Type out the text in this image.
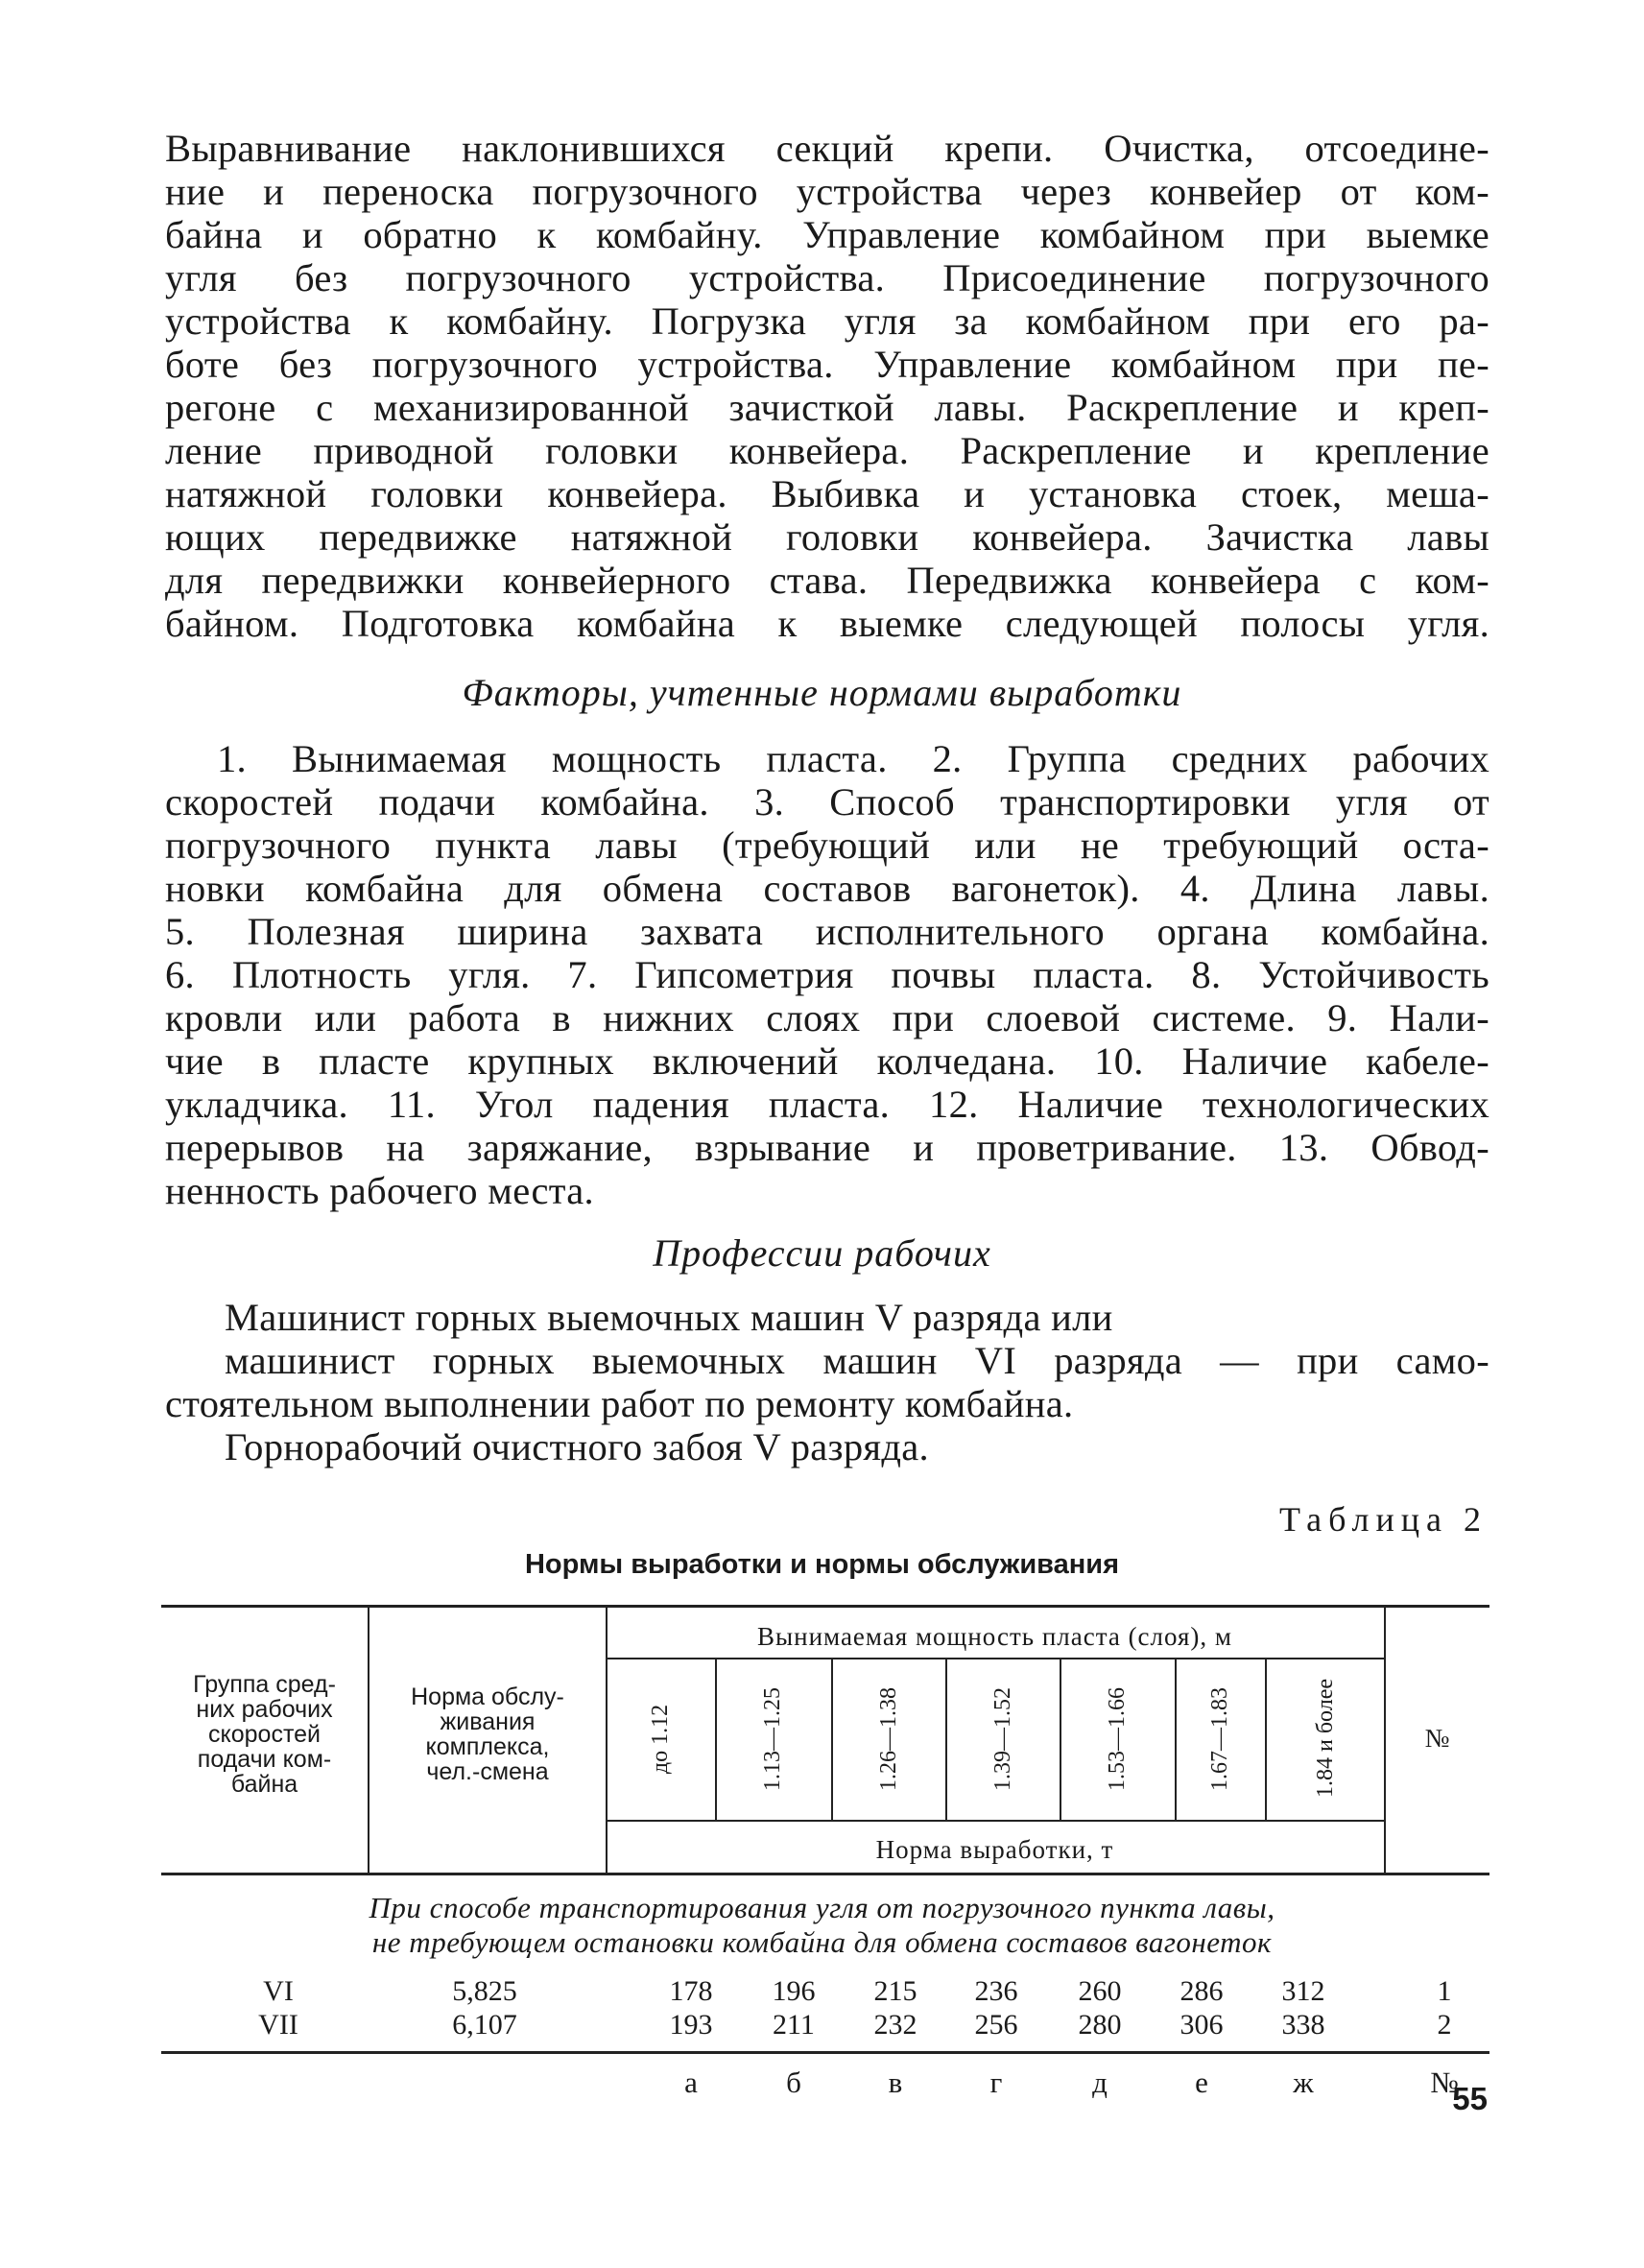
Выравнивание наклонившихся секций крепи. Очистка, отсоедине-
ние и переноска погрузочного устройства через конвейер от ком-
байна и обратно к комбайну. Управление комбайном при выемке
угля без погрузочного устройства. Присоединение погрузочного
устройства к комбайну. Погрузка угля за комбайном при его ра-
боте без погрузочного устройства. Управление комбайном при пе-
регоне с механизированной зачисткой лавы. Раскрепление и креп-
ление приводной головки конвейера. Раскрепление и крепление
натяжной головки конвейера. Выбивка и установка стоек, меша-
ющих передвижке натяжной головки конвейера. Зачистка лавы
для передвижки конвейерного става. Передвижка конвейера с ком-
байном. Подготовка комбайна к выемке следующей полосы угля.
Факторы, учтенные нормами выработки
1. Вынимаемая мощность пласта. 2. Группа средних рабочих
скоростей подачи комбайна. 3. Способ транспортировки угля от
погрузочного пункта лавы (требующий или не требующий оста-
новки комбайна для обмена составов вагонеток). 4. Длина лавы.
5. Полезная ширина захвата исполнительного органа комбайна.
6. Плотность угля. 7. Гипсометрия почвы пласта. 8. Устойчивость
кровли или работа в нижних слоях при слоевой системе. 9. Нали-
чие в пласте крупных включений колчедана. 10. Наличие кабеле-
укладчика. 11. Угол падения пласта. 12. Наличие технологических
перерывов на заряжание, взрывание и проветривание. 13. Обвод-
ненность рабочего места.
Профессии рабочих
Машинист горных выемочных машин V разряда или
машинист горных выемочных машин VI разряда — при само-
стоятельном выполнении работ по ремонту комбайна.
Горнорабочий очистного забоя V разряда.
Таблица 2
Нормы выработки и нормы обслуживания
Группа сред-
них рабочих
скоростей
подачи ком-
байна
Норма обслу-
живания
комплекса,
чел.-смена
Вынимаемая мощность пласта (слоя), м
до 1.12	1.13—1.25	1.26—1.38	1.39—1.52	1.53—1.66	1.67—1.83	1.84 и более	№
Норма выработки, т
При способе транспортирования угля от погрузочного пункта лавы,
не требующем остановки комбайна для обмена составов вагонеток
VI	5,825	178	196	215	236	260	286	312	1
VII	6,107	193	211	232	256	280	306	338	2
а	б	в	г	д	е	ж	№
55
